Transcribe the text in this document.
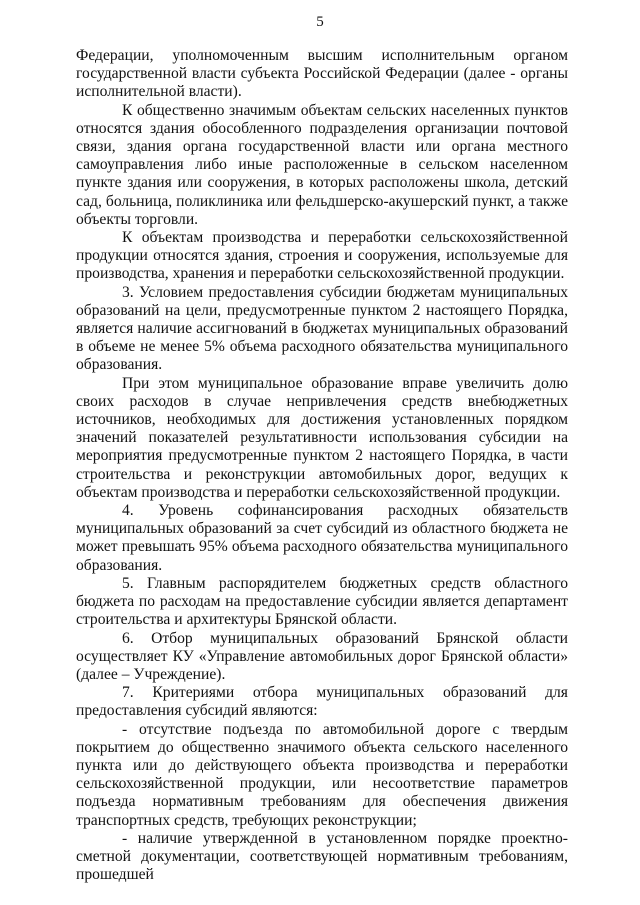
5

Федерации, уполномоченным высшим исполнительным органом государственной власти субъекта Российской Федерации (далее - органы исполнительной власти).

К общественно значимым объектам сельских населенных пунктов относятся здания обособленного подразделения организации почтовой связи, здания органа государственной власти или органа местного самоуправления либо иные расположенные в сельском населенном пункте здания или сооружения, в которых расположены школа, детский сад, больница, поликлиника или фельдшерско-акушерский пункт, а также объекты торговли.

К объектам производства и переработки сельскохозяйственной продукции относятся здания, строения и сооружения, используемые для производства, хранения и переработки сельскохозяйственной продукции.

3. Условием предоставления субсидии бюджетам муниципальных образований на цели, предусмотренные пунктом 2 настоящего Порядка, является наличие ассигнований в бюджетах муниципальных образований в объеме не менее 5% объема расходного обязательства муниципального образования.

При этом муниципальное образование вправе увеличить долю своих расходов в случае непривлечения средств внебюджетных источников, необходимых для достижения установленных порядком значений показателей результативности использования субсидии на мероприятия предусмотренные пунктом 2 настоящего Порядка, в части строительства и реконструкции автомобильных дорог, ведущих к объектам производства и переработки сельскохозяйственной продукции.

4. Уровень софинансирования расходных обязательств муниципальных образований за счет субсидий из областного бюджета не может превышать 95% объема расходного обязательства муниципального образования.

5. Главным распорядителем бюджетных средств областного бюджета по расходам на предоставление субсидии является департамент строительства и архитектуры Брянской области.

6. Отбор муниципальных образований Брянской области осуществляет КУ «Управление автомобильных дорог Брянской области» (далее – Учреждение).

7. Критериями отбора муниципальных образований для предоставления субсидий являются:

- отсутствие подъезда по автомобильной дороге с твердым покрытием до общественно значимого объекта сельского населенного пункта или до действующего объекта производства и переработки сельскохозяйственной продукции, или несоответствие параметров подъезда нормативным требованиям для обеспечения движения транспортных средств, требующих реконструкции;

- наличие утвержденной в установленном порядке проектно-сметной документации, соответствующей нормативным требованиям, прошедшей
